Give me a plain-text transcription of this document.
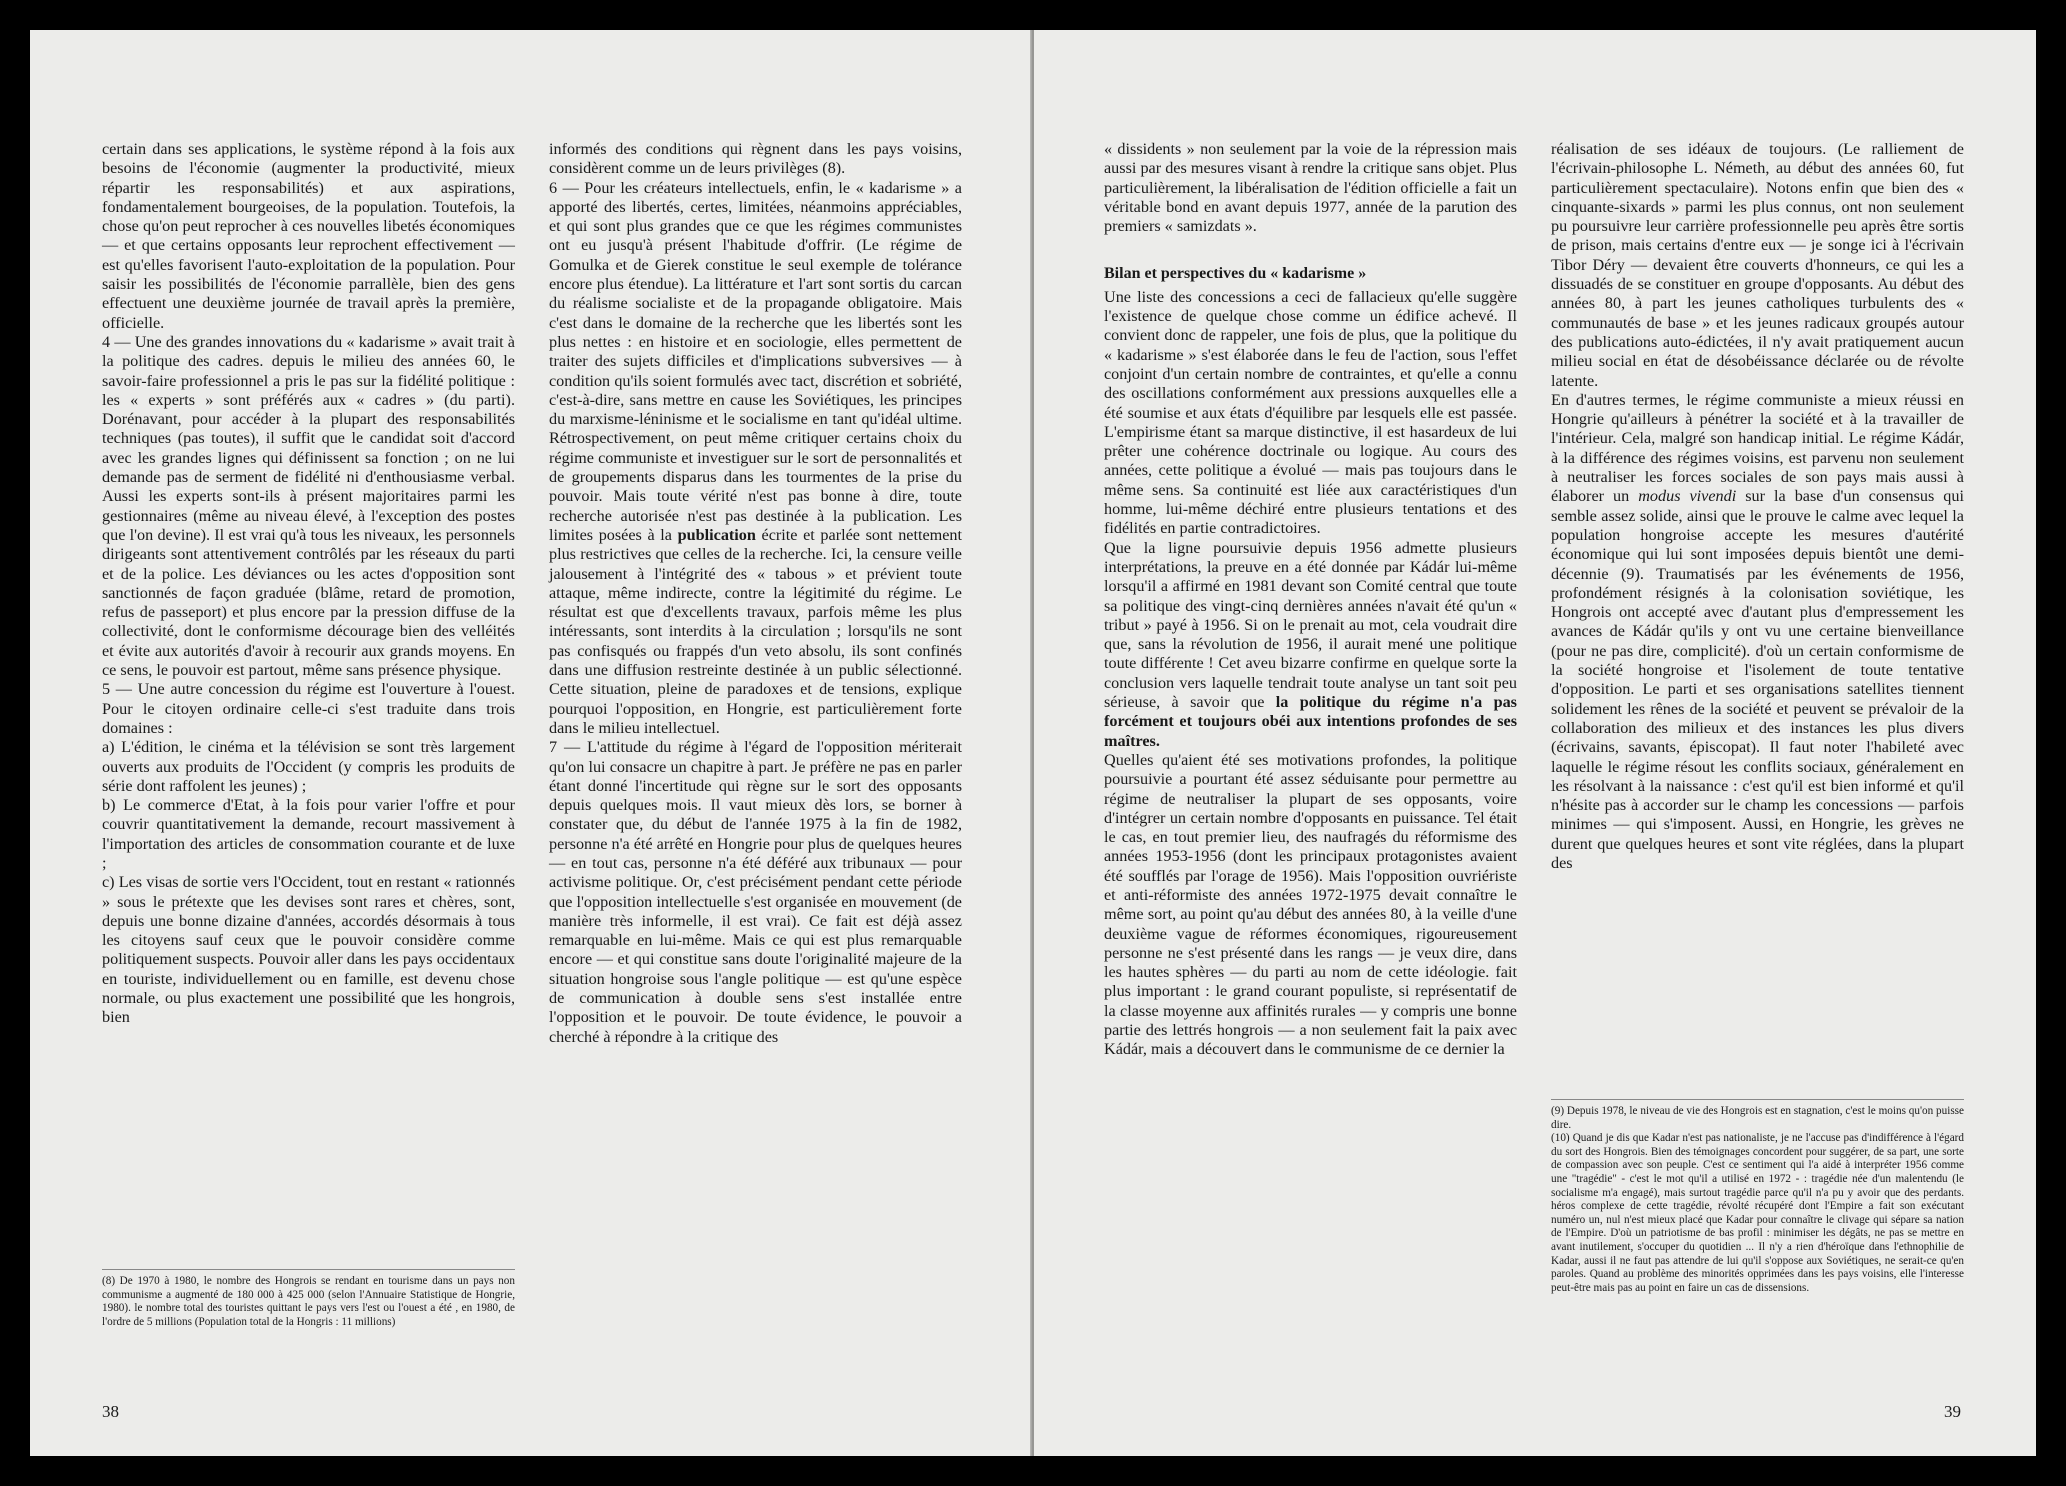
certain dans ses applications, le système répond à la fois aux besoins de l'économie (augmenter la productivité, mieux répartir les responsabilités) et aux aspirations, fondamentalement bourgeoises, de la population. Toutefois, la chose qu'on peut reprocher à ces nouvelles libetés économiques — et que certains opposants leur reprochent effectivement — est qu'elles favorisent l'auto-exploitation de la population. Pour saisir les possibilités de l'économie parrallèle, bien des gens effectuent une deuxième journée de travail après la première, officielle.

4 — Une des grandes innovations du « kadarisme » avait trait à la politique des cadres. depuis le milieu des années 60, le savoir-faire professionnel a pris le pas sur la fidélité politique : les « experts » sont préférés aux « cadres » (du parti). Dorénavant, pour accéder à la plupart des responsabilités techniques (pas toutes), il suffit que le candidat soit d'accord avec les grandes lignes qui définissent sa fonction ; on ne lui demande pas de serment de fidélité ni d'enthousiasme verbal. Aussi les experts sont-ils à présent majoritaires parmi les gestionnaires (même au niveau élevé, à l'exception des postes que l'on devine). Il est vrai qu'à tous les niveaux, les personnels dirigeants sont attentivement contrôlés par les réseaux du parti et de la police. Les déviances ou les actes d'opposition sont sanctionnés de façon graduée (blâme, retard de promotion, refus de passeport) et plus encore par la pression diffuse de la collectivité, dont le conformisme décourage bien des velléités et évite aux autorités d'avoir à recourir aux grands moyens. En ce sens, le pouvoir est partout, même sans présence physique.

5 — Une autre concession du régime est l'ouverture à l'ouest. Pour le citoyen ordinaire celle-ci s'est traduite dans trois domaines :

a) L'édition, le cinéma et la télévision se sont très largement ouverts aux produits de l'Occident (y compris les produits de série dont raffolent les jeunes) ;

b) Le commerce d'Etat, à la fois pour varier l'offre et pour couvrir quantitativement la demande, recourt massivement à l'importation des articles de consommation courante et de luxe ;

c) Les visas de sortie vers l'Occident, tout en restant « rationnés » sous le prétexte que les devises sont rares et chères, sont, depuis une bonne dizaine d'années, accordés désormais à tous les citoyens sauf ceux que le pouvoir considère comme politiquement suspects. Pouvoir aller dans les pays occidentaux en touriste, individuellement ou en famille, est devenu chose normale, ou plus exactement une possibilité que les hongrois, bien

informés des conditions qui règnent dans les pays voisins, considèrent comme un de leurs privilèges (8).

6 — Pour les créateurs intellectuels, enfin, le « kadarisme » a apporté des libertés, certes, limitées, néanmoins appréciables, et qui sont plus grandes que ce que les régimes communistes ont eu jusqu'à présent l'habitude d'offrir. (Le régime de Gomulka et de Gierek constitue le seul exemple de tolérance encore plus étendue). La littérature et l'art sont sortis du carcan du réalisme socialiste et de la propagande obligatoire. Mais c'est dans le domaine de la recherche que les libertés sont les plus nettes : en histoire et en sociologie, elles permettent de traiter des sujets difficiles et d'implications subversives — à condition qu'ils soient formulés avec tact, discrétion et sobriété, c'est-à-dire, sans mettre en cause les Soviétiques, les principes du marxisme-léninisme et le socialisme en tant qu'idéal ultime. Rétrospectivement, on peut même critiquer certains choix du régime communiste et investiguer sur le sort de personnalités et de groupements disparus dans les tourmentes de la prise du pouvoir. Mais toute vérité n'est pas bonne à dire, toute recherche autorisée n'est pas destinée à la publication. Les limites posées à la publication écrite et parlée sont nettement plus restrictives que celles de la recherche. Ici, la censure veille jalousement à l'intégrité des « tabous » et prévient toute attaque, même indirecte, contre la légitimité du régime. Le résultat est que d'excellents travaux, parfois même les plus intéressants, sont interdits à la circulation ; lorsqu'ils ne sont pas confisqués ou frappés d'un veto absolu, ils sont confinés dans une diffusion restreinte destinée à un public sélectionné. Cette situation, pleine de paradoxes et de tensions, explique pourquoi l'opposition, en Hongrie, est particulièrement forte dans le milieu intellectuel.

7 — L'attitude du régime à l'égard de l'opposition mériterait qu'on lui consacre un chapitre à part. Je préfère ne pas en parler étant donné l'incertitude qui règne sur le sort des opposants depuis quelques mois. Il vaut mieux dès lors, se borner à constater que, du début de l'année 1975 à la fin de 1982, personne n'a été arrêté en Hongrie pour plus de quelques heures — en tout cas, personne n'a été déféré aux tribunaux — pour activisme politique. Or, c'est précisément pendant cette période que l'opposition intellectuelle s'est organisée en mouvement (de manière très informelle, il est vrai). Ce fait est déjà assez remarquable en lui-même. Mais ce qui est plus remarquable encore — et qui constitue sans doute l'originalité majeure de la situation hongroise sous l'angle politique — est qu'une espèce de communication à double sens s'est installée entre l'opposition et le pouvoir. De toute évidence, le pouvoir a cherché à répondre à la critique des

(8) De 1970 à 1980, le nombre des Hongrois se rendant en tourisme dans un pays non communisme a augmenté de 180 000 à 425 000 (selon l'Annuaire Statistique de Hongrie, 1980). le nombre total des touristes quittant le pays vers l'est ou l'ouest a été , en 1980, de l'ordre de 5 millions (Population total de la Hongris : 11 millions)

38

« dissidents » non seulement par la voie de la répression mais aussi par des mesures visant à rendre la critique sans objet. Plus particulièrement, la libéralisation de l'édition officielle a fait un véritable bond en avant depuis 1977, année de la parution des premiers « samizdats ».

Bilan et perspectives du « kadarisme »

Une liste des concessions a ceci de fallacieux qu'elle suggère l'existence de quelque chose comme un édifice achevé. Il convient donc de rappeler, une fois de plus, que la politique du « kadarisme » s'est élaborée dans le feu de l'action, sous l'effet conjoint d'un certain nombre de contraintes, et qu'elle a connu des oscillations conformément aux pressions auxquelles elle a été soumise et aux états d'équilibre par lesquels elle est passée. L'empirisme étant sa marque distinctive, il est hasardeux de lui prêter une cohérence doctrinale ou logique. Au cours des années, cette politique a évolué — mais pas toujours dans le même sens. Sa continuité est liée aux caractéristiques d'un homme, lui-même déchiré entre plusieurs tentations et des fidélités en partie contradictoires.

Que la ligne poursuivie depuis 1956 admette plusieurs interprétations, la preuve en a été donnée par Kádár lui-même lorsqu'il a affirmé en 1981 devant son Comité central que toute sa politique des vingt-cinq dernières années n'avait été qu'un « tribut » payé à 1956. Si on le prenait au mot, cela voudrait dire que, sans la révolution de 1956, il aurait mené une politique toute différente ! Cet aveu bizarre confirme en quelque sorte la conclusion vers laquelle tendrait toute analyse un tant soit peu sérieuse, à savoir que la politique du régime n'a pas forcément et toujours obéi aux intentions profondes de ses maîtres.

Quelles qu'aient été ses motivations profondes, la politique poursuivie a pourtant été assez séduisante pour permettre au régime de neutraliser la plupart de ses opposants, voire d'intégrer un certain nombre d'opposants en puissance. Tel était le cas, en tout premier lieu, des naufragés du réformisme des années 1953-1956 (dont les principaux protagonistes avaient été soufflés par l'orage de 1956). Mais l'opposition ouvriériste et anti-réformiste des années 1972-1975 devait connaître le même sort, au point qu'au début des années 80, à la veille d'une deuxième vague de réformes économiques, rigoureusement personne ne s'est présenté dans les rangs — je veux dire, dans les hautes sphères — du parti au nom de cette idéologie. fait plus important : le grand courant populiste, si représentatif de la classe moyenne aux affinités rurales — y compris une bonne partie des lettrés hongrois — a non seulement fait la paix avec Kádár, mais a découvert dans le communisme de ce dernier la

réalisation de ses idéaux de toujours. (Le ralliement de l'écrivain-philosophe L. Németh, au début des années 60, fut particulièrement spectaculaire). Notons enfin que bien des « cinquante-sixards » parmi les plus connus, ont non seulement pu poursuivre leur carrière professionnelle peu après être sortis de prison, mais certains d'entre eux — je songe ici à l'écrivain Tibor Déry — devaient être couverts d'honneurs, ce qui les a dissuadés de se constituer en groupe d'opposants. Au début des années 80, à part les jeunes catholiques turbulents des « communautés de base » et les jeunes radicaux groupés autour des publications auto-édictées, il n'y avait pratiquement aucun milieu social en état de désobéissance déclarée ou de révolte latente.

En d'autres termes, le régime communiste a mieux réussi en Hongrie qu'ailleurs à pénétrer la société et à la travailler de l'intérieur. Cela, malgré son handicap initial. Le régime Kádár, à la différence des régimes voisins, est parvenu non seulement à neutraliser les forces sociales de son pays mais aussi à élaborer un modus vivendi sur la base d'un consensus qui semble assez solide, ainsi que le prouve le calme avec lequel la population hongroise accepte les mesures d'autérité économique qui lui sont imposées depuis bientôt une demi-décennie (9). Traumatisés par les événements de 1956, profondément résignés à la colonisation soviétique, les Hongrois ont accepté avec d'autant plus d'empressement les avances de Kádár qu'ils y ont vu une certaine bienveillance (pour ne pas dire, complicité). d'où un certain conformisme de la société hongroise et l'isolement de toute tentative d'opposition. Le parti et ses organisations satellites tiennent solidement les rênes de la société et peuvent se prévaloir de la collaboration des milieux et des instances les plus divers (écrivains, savants, épiscopat). Il faut noter l'habileté avec laquelle le régime résout les conflits sociaux, généralement en les résolvant à la naissance : c'est qu'il est bien informé et qu'il n'hésite pas à accorder sur le champ les concessions — parfois minimes — qui s'imposent. Aussi, en Hongrie, les grèves ne durent que quelques heures et sont vite réglées, dans la plupart des

(9) Depuis 1978, le niveau de vie des Hongrois est en stagnation, c'est le moins qu'on puisse dire.

(10) Quand je dis que Kadar n'est pas nationaliste, je ne l'accuse pas d'indifférence à l'égard du sort des Hongrois. Bien des témoignages concordent pour suggérer, de sa part, une sorte de compassion avec son peuple. C'est ce sentiment qui l'a aidé à interpréter 1956 comme une "tragédie" - c'est le mot qu'il a utilisé en 1972 - : tragédie née d'un malentendu (le socialisme m'a engagé), mais surtout tragédie parce qu'il n'a pu y avoir que des perdants. héros complexe de cette tragédie, révolté récupéré dont l'Empire a fait son exécutant numéro un, nul n'est mieux placé que Kadar pour connaître le clivage qui sépare sa nation de l'Empire. D'où un patriotisme de bas profil : minimiser les dégâts, ne pas se mettre en avant inutilement, s'occuper du quotidien ... Il n'y a rien d'héroïque dans l'ethnophilie de Kadar, aussi il ne faut pas attendre de lui qu'il s'oppose aux Soviétiques, ne serait-ce qu'en paroles. Quand au problème des minorités opprimées dans les pays voisins, elle l'interesse peut-être mais pas au point en faire un cas de dissensions.

39
